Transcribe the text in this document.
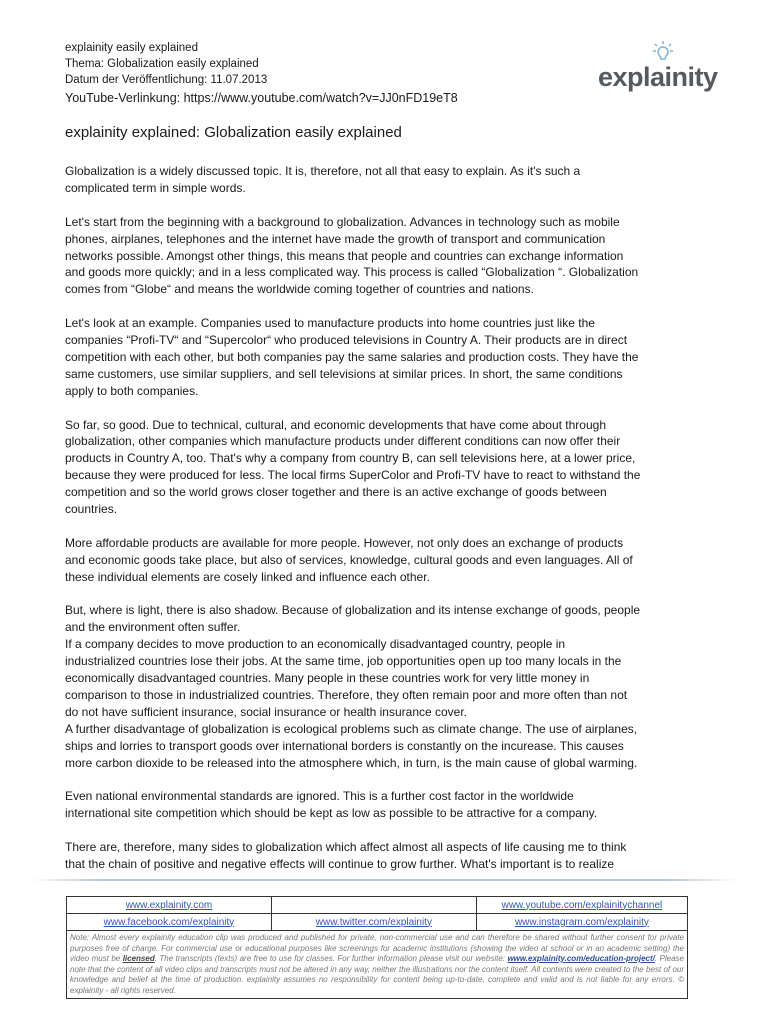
explainity easily explained
Thema: Globalization easily explained
Datum der Veröffentlichung: 11.07.2013
YouTube-Verlinkung: https://www.youtube.com/watch?v=JJ0nFD19eT8
explainity
explainity explained: Globalization easily explained
Globalization is a widely discussed topic. It is, therefore, not all that easy to explain. As it's such a
complicated term in simple words.
Let's start from the beginning with a background to globalization. Advances in technology such as mobile
phones, airplanes, telephones and the internet have made the growth of transport and communication
networks possible. Amongst other things, this means that people and countries can exchange information
and goods more quickly; and in a less complicated way. This process is called “Globalization “. Globalization
comes from “Globe“ and means the worldwide coming together of countries and nations.
Let's look at an example. Companies used to manufacture products into home countries just like the
companies “Profi-TV“ and “Supercolor“ who produced televisions in Country A. Their products are in direct
competition with each other, but both companies pay the same salaries and production costs. They have the
same customers, use similar suppliers, and sell televisions at similar prices. In short, the same conditions
apply to both companies.
So far, so good. Due to technical, cultural, and economic developments that have come about through
globalization, other companies which manufacture products under different conditions can now offer their
products in Country A, too. That's why a company from country B, can sell televisions here, at a lower price,
because they were produced for less. The local firms SuperColor and Profi-TV have to react to withstand the
competition and so the world grows closer together and there is an active exchange of goods between
countries.
More affordable products are available for more people. However, not only does an exchange of products
and economic goods take place, but also of services, knowledge, cultural goods and even languages. All of
these individual elements are cosely linked and influence each other.
But, where is light, there is also shadow. Because of globalization and its intense exchange of goods, people
and the environment often suffer.
If a company decides to move production to an economically disadvantaged country, people in
industrialized countries lose their jobs. At the same time, job opportunities open up too many locals in the
economically disadvantaged countries. Many people in these countries work for very little money in
comparison to those in industrialized countries. Therefore, they often remain poor and more often than not
do not have sufficient insurance, social insurance or health insurance cover.
A further disadvantage of globalization is ecological problems such as climate change. The use of airplanes,
ships and lorries to transport goods over international borders is constantly on the incurease. This causes
more carbon dioxide to be released into the atmosphere which, in turn, is the main cause of global warming.
Even national environmental standards are ignored. This is a further cost factor in the worldwide
international site competition which should be kept as low as possible to be attractive for a company.
There are, therefore, many sides to globalization which affect almost all aspects of life causing me to think
that the chain of positive and negative effects will continue to grow further. What's important is to realize
www.explainity.com		www.youtube.com/explainitychannel
www.facebook.com/explainity	www.twitter.com/explainity	www.instagram.com/explainity
Note: Almost every explainity education clip was produced and published for private, non-commercial use and can therefore be shared without further consent for private purposes free of charge. For commercial use or educational purposes like screenings for academic institutions (showing the video at school or in an academic setting) the video must be licensed. The transcripts (texts) are free to use for classes. For further information please visit our website: www.explainity.com/education-project/. Please note that the content of all video clips and transcripts must not be altered in any way, neither the illustrations nor the content itself. All contents were created to the best of our knowledge and belief at the time of production. explainity assumes no responsibility for content being up-to-date, complete and valid and is not liable for any errors. © explainity - all rights reserved.		
